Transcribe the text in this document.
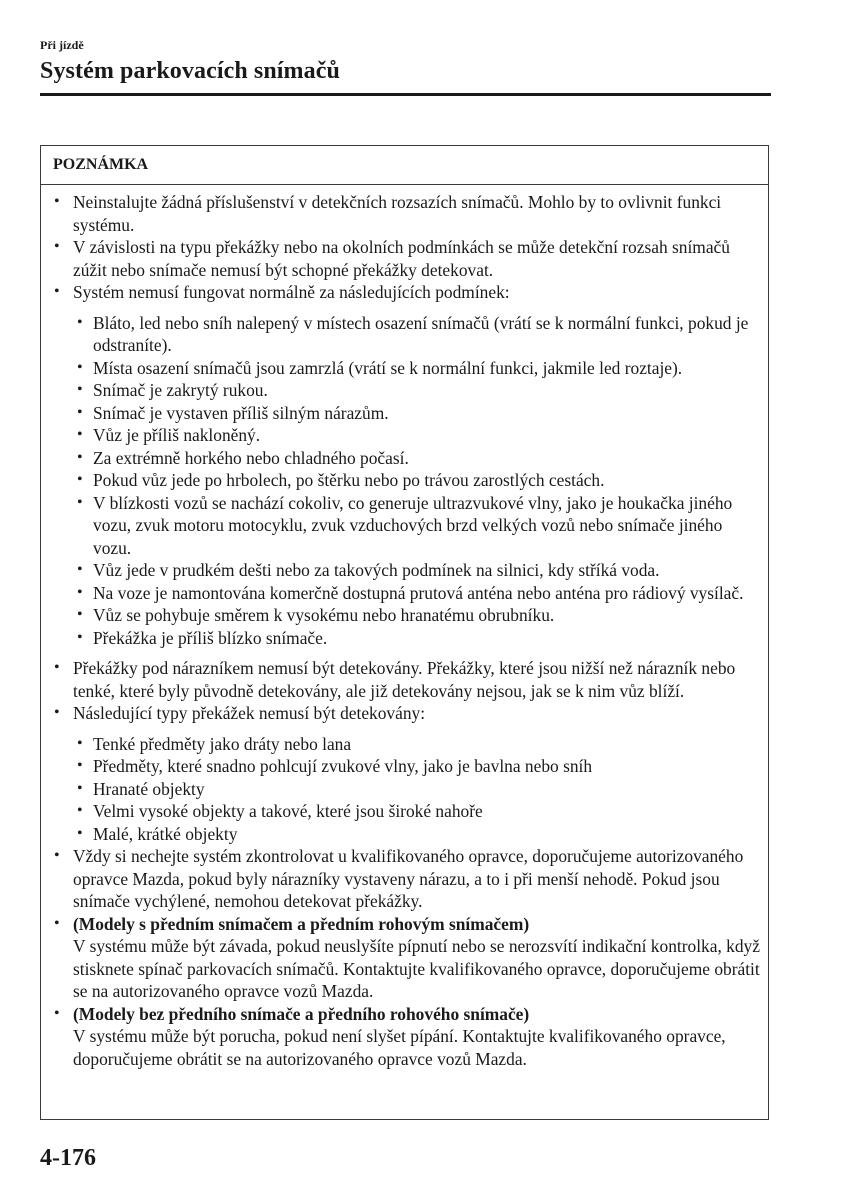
Při jízdě
Systém parkovacích snímačů
POZNÁMKA
• Neinstalujte žádná příslušenství v detekčních rozsazích snímačů. Mohlo by to ovlivnit funkci systému.
• V závislosti na typu překážky nebo na okolních podmínkách se může detekční rozsah snímačů zúžit nebo snímače nemusí být schopné překážky detekovat.
• Systém nemusí fungovat normálně za následujících podmínek:
• Bláto, led nebo sníh nalepený v místech osazení snímačů (vrátí se k normální funkci, pokud je odstraníte).
• Místa osazení snímačů jsou zamrzlá (vrátí se k normální funkci, jakmile led roztaje).
• Snímač je zakrytý rukou.
• Snímač je vystaven příliš silným nárazům.
• Vůz je příliš nakloněný.
• Za extrémně horkého nebo chladného počasí.
• Pokud vůz jede po hrbolech, po štěrku nebo po trávou zarostlých cestách.
• V blízkosti vozů se nachází cokoliv, co generuje ultrazvukové vlny, jako je houkačka jiného vozu, zvuk motoru motocyklu, zvuk vzduchových brzd velkých vozů nebo snímače jiného vozu.
• Vůz jede v prudkém dešti nebo za takových podmínek na silnici, kdy stříká voda.
• Na voze je namontována komerčně dostupná prutová anténa nebo anténa pro rádiový vysílač.
• Vůz se pohybuje směrem k vysokému nebo hranatému obrubníku.
• Překážka je příliš blízko snímače.
• Překážky pod nárazníkem nemusí být detekovány. Překážky, které jsou nižší než nárazník nebo tenké, které byly původně detekovány, ale již detekovány nejsou, jak se k nim vůz blíží.
• Následující typy překážek nemusí být detekovány:
• Tenké předměty jako dráty nebo lana
• Předměty, které snadno pohlcují zvukové vlny, jako je bavlna nebo sníh
• Hranaté objekty
• Velmi vysoké objekty a takové, které jsou široké nahoře
• Malé, krátké objekty
• Vždy si nechejte systém zkontrolovat u kvalifikovaného opravce, doporučujeme autorizovaného opravce Mazda, pokud byly nárazníky vystaveny nárazu, a to i při menší nehodě. Pokud jsou snímače vychýlené, nemohou detekovat překážky.
• (Modely s předním snímačem a předním rohovým snímačem)
V systému může být závada, pokud neuslyšíte pípnutí nebo se nerozsvítí indikační kontrolka, když stisknete spínač parkovacích snímačů. Kontaktujte kvalifikovaného opravce, doporučujeme obrátit se na autorizovaného opravce vozů Mazda.
• (Modely bez předního snímače a předního rohového snímače)
V systému může být porucha, pokud není slyšet pípání. Kontaktujte kvalifikovaného opravce, doporučujeme obrátit se na autorizovaného opravce vozů Mazda.
4-176
